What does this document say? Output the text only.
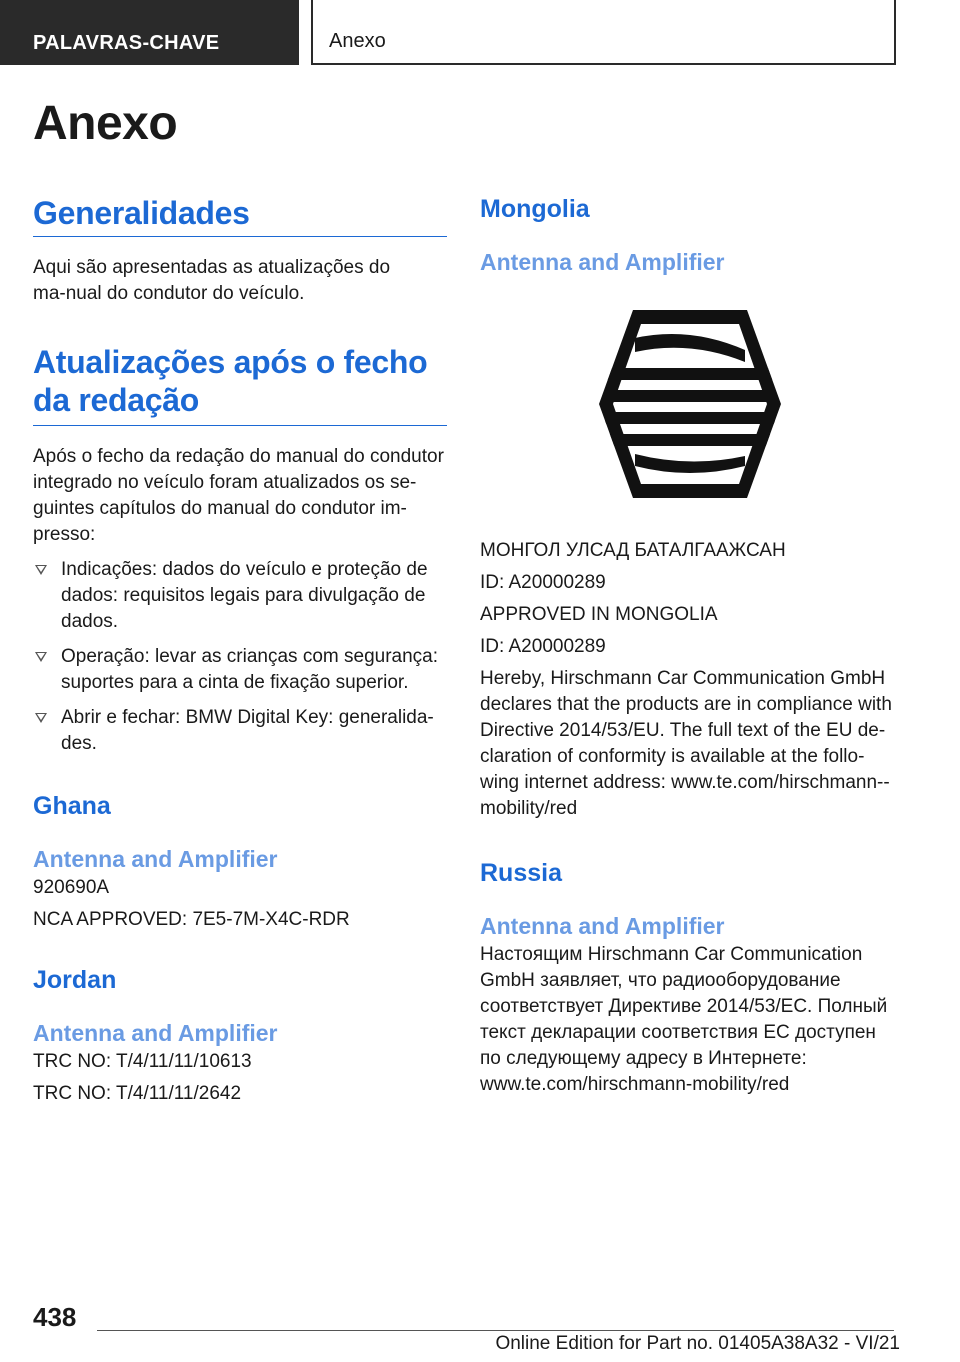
PALAVRAS-CHAVE	Anexo
Anexo
Generalidades

Aqui são apresentadas as atualizações do ma-nual do condutor do veículo.

Atualizações após o fecho
da redação

Após o fecho da redação do manual do condutor integrado no veículo foram atualizados os se-guintes capítulos do manual do condutor im-presso:

Indicações: dados do veículo e proteção de dados: requisitos legais para divulgação de dados.
Operação: levar as crianças com segurança: suportes para a cinta de fixação superior.
Abrir e fechar: BMW Digital Key: generalida-des.
Ghana
Antenna and Amplifier

920690A

NCA APPROVED: 7E5-7M-X4C-RDR

Jordan
Antenna and Amplifier

TRC NO: T/4/11/11/10613

TRC NO: T/4/11/11/2642

Mongolia
Antenna and Amplifier

МОНГОЛ УЛСАД БАТАЛГААЖСАН

ID: A20000289

APPROVED IN MONGOLIA

ID: A20000289

Hereby, Hirschmann Car Communication GmbH declares that the products are in compliance with Directive 2014/53/EU. The full text of the EU de-claration of conformity is available at the follo-wing internet address: www.te.com/hirschmann--mobility/red

Russia
Antenna and Amplifier

Настоящим Hirschmann Car Communication GmbH заявляет, что радиооборудование соответствует Директиве 2014/53/EC. Полный текст декларации соответствия EC доступен по следующему адресу в Интернете: www.te.com/hirschmann-mobility/red

438
Online Edition for Part no. 01405A38A32 - VI/21
